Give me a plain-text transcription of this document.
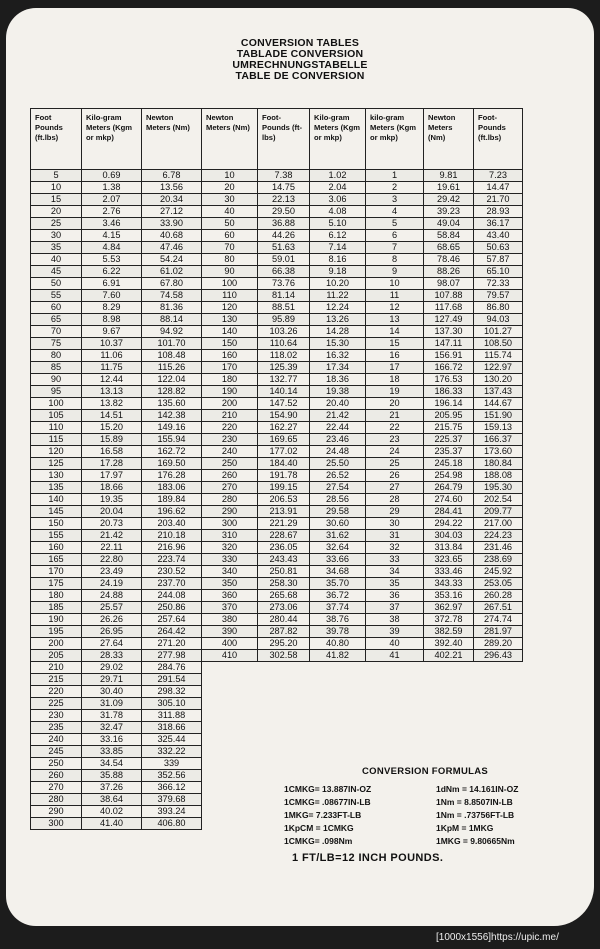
CONVERSION TABLES
TABLADE CONVERSION
UMRECHNUNGSTABELLE
TABLE DE CONVERSION
Foot Pounds (ft.lbs)	Kilo-gram Meters (Kgm or mkp)	Newton Meters (Nm)	Newton Meters (Nm)	Foot-Pounds (ft-lbs)	Kilo-gram Meters (Kgm or mkp)	kilo-gram Meters (Kgm or mkp)	Newton Meters (Nm)	Foot-Pounds (ft.lbs)
5	0.69	6.78	10	7.38	1.02	1	9.81	7.23
10	1.38	13.56	20	14.75	2.04	2	19.61	14.47
15	2.07	20.34	30	22.13	3.06	3	29.42	21.70
20	2.76	27.12	40	29.50	4.08	4	39.23	28.93
25	3.46	33.90	50	36.88	5.10	5	49.04	36.17
30	4.15	40.68	60	44.26	6.12	6	58.84	43.40
35	4.84	47.46	70	51.63	7.14	7	68.65	50.63
40	5.53	54.24	80	59.01	8.16	8	78.46	57.87
45	6.22	61.02	90	66.38	9.18	9	88.26	65.10
50	6.91	67.80	100	73.76	10.20	10	98.07	72.33
55	7.60	74.58	110	81.14	11.22	11	107.88	79.57
60	8.29	81.36	120	88.51	12.24	12	117.68	86.80
65	8.98	88.14	130	95.89	13.26	13	127.49	94.03
70	9.67	94.92	140	103.26	14.28	14	137.30	101.27
75	10.37	101.70	150	110.64	15.30	15	147.11	108.50
80	11.06	108.48	160	118.02	16.32	16	156.91	115.74
85	11.75	115.26	170	125.39	17.34	17	166.72	122.97
90	12.44	122.04	180	132.77	18.36	18	176.53	130.20
95	13.13	128.82	190	140.14	19.38	19	186.33	137.43
100	13.82	135.60	200	147.52	20.40	20	196.14	144.67
105	14.51	142.38	210	154.90	21.42	21	205.95	151.90
110	15.20	149.16	220	162.27	22.44	22	215.75	159.13
115	15.89	155.94	230	169.65	23.46	23	225.37	166.37
120	16.58	162.72	240	177.02	24.48	24	235.37	173.60
125	17.28	169.50	250	184.40	25.50	25	245.18	180.84
130	17.97	176.28	260	191.78	26.52	26	254.98	188.08
135	18.66	183.06	270	199.15	27.54	27	264.79	195.30
140	19.35	189.84	280	206.53	28.56	28	274.60	202.54
145	20.04	196.62	290	213.91	29.58	29	284.41	209.77
150	20.73	203.40	300	221.29	30.60	30	294.22	217.00
155	21.42	210.18	310	228.67	31.62	31	304.03	224.23
160	22.11	216.96	320	236.05	32.64	32	313.84	231.46
165	22.80	223.74	330	243.43	33.66	33	323.65	238.69
170	23.49	230.52	340	250.81	34.68	34	333.46	245.92
175	24.19	237.70	350	258.30	35.70	35	343.33	253.05
180	24.88	244.08	360	265.68	36.72	36	353.16	260.28
185	25.57	250.86	370	273.06	37.74	37	362.97	267.51
190	26.26	257.64	380	280.44	38.76	38	372.78	274.74
195	26.95	264.42	390	287.82	39.78	39	382.59	281.97
200	27.64	271.20	400	295.20	40.80	40	392.40	289.20
205	28.33	277.98	410	302.58	41.82	41	402.21	296.43
210	29.02	284.76						
215	29.71	291.54						
220	30.40	298.32						
225	31.09	305.10						
230	31.78	311.88						
235	32.47	318.66						
240	33.16	325.44						
245	33.85	332.22						
250	34.54	339						
260	35.88	352.56						
270	37.26	366.12						
280	38.64	379.68						
290	40.02	393.24						
300	41.40	406.80						
CONVERSION FORMULAS
1CMKG= 13.887IN-OZ	1dNm = 14.161IN-OZ
1CMKG= .08677IN-LB	1Nm = 8.8507IN-LB
1MKG= 7.233FT-LB	1Nm = .73756FT-LB
1KpCM = 1CMKG	1KpM = 1MKG
1CMKG= .098Nm	1MKG = 9.80665Nm
1 FT/LB=12 INCH POUNDS.
[1000x1556]https://upic.me/
